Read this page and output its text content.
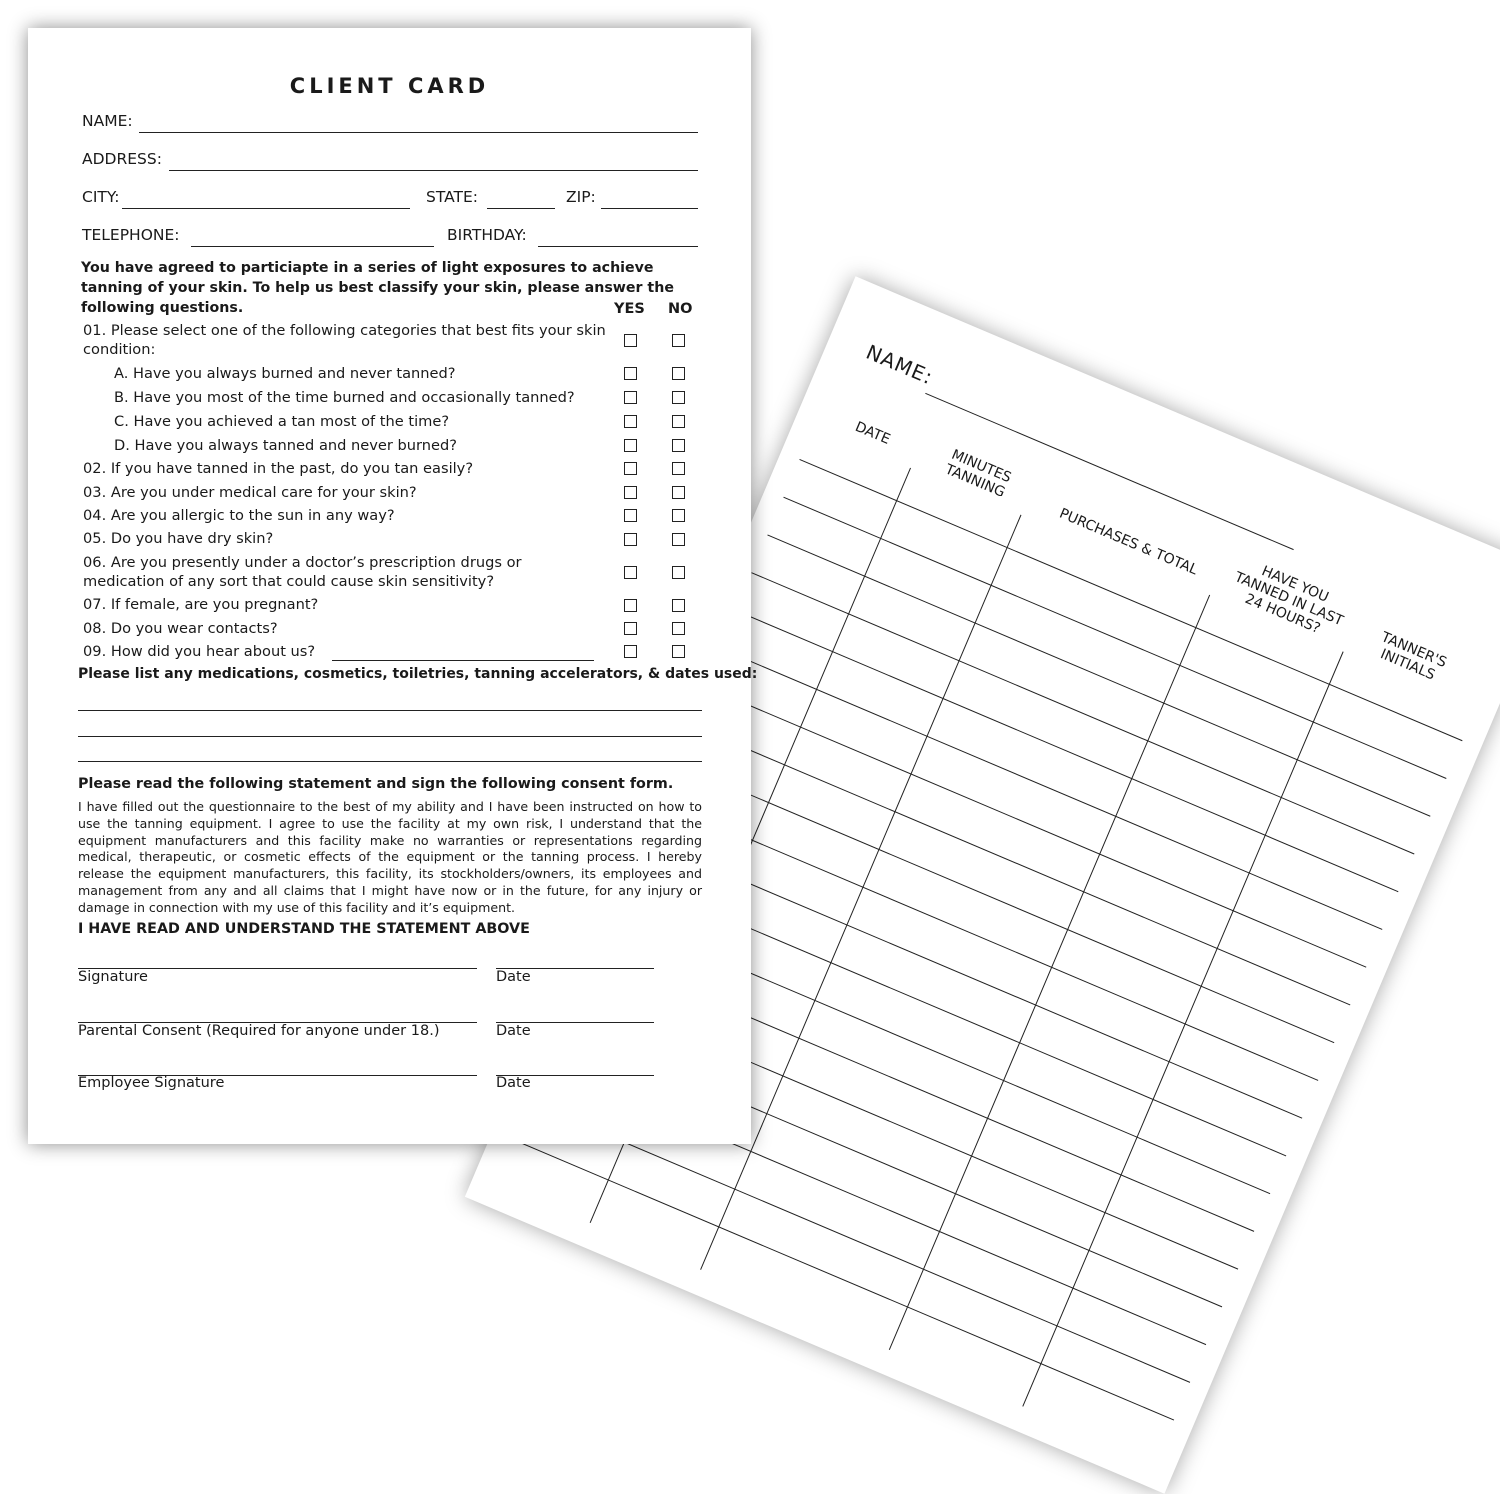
NAME:
DATE
MINUTES TANNING
PURCHASES & TOTAL
HAVE YOU TANNED IN LAST 24 HOURS?
TANNER'S INITIALS
CLIENT CARD
NAME:
ADDRESS:
CITY:	STATE:	ZIP:
TELEPHONE:	BIRTHDAY:
You have agreed to particiapte in a series of light exposures to achieve tanning of your skin. To help us best classify your skin, please answer the following questions.	YES NO
01. Please select one of the following categories that best fits your skin condition:
A. Have you always burned and never tanned?
B. Have you most of the time burned and occasionally tanned?
C. Have you achieved a tan most of the time?
D. Have you always tanned and never burned?
02. If you have tanned in the past, do you tan easily?
03. Are you under medical care for your skin?
04. Are you allergic to the sun in any way?
05. Do you have dry skin?
06. Are you presently under a doctor’s prescription drugs or medication of any sort that could cause skin sensitivity?
07. If female, are you pregnant?
08. Do you wear contacts?
09. How did you hear about us?
Please list any medications, cosmetics, toiletries, tanning accelerators, & dates used:
Please read the following statement and sign the following consent form.
I have filled out the questionnaire to the best of my ability and I have been instructed on how to use the tanning equipment. I agree to use the facility at my own risk, I understand that the equipment manufacturers and this facility make no warranties or representations regarding medical, therapeutic, or cosmetic effects of the equipment or the tanning process. I hereby release the equipment manufacturers, this facility, its stockholders/owners, its employees and management from any and all claims that I might have now or in the future, for any injury or damage in connection with my use of this facility and it’s equipment.
I HAVE READ AND UNDERSTAND THE STATEMENT ABOVE
Signature	Date
Parental Consent (Required for anyone under 18.)	Date
Employee Signature	Date
